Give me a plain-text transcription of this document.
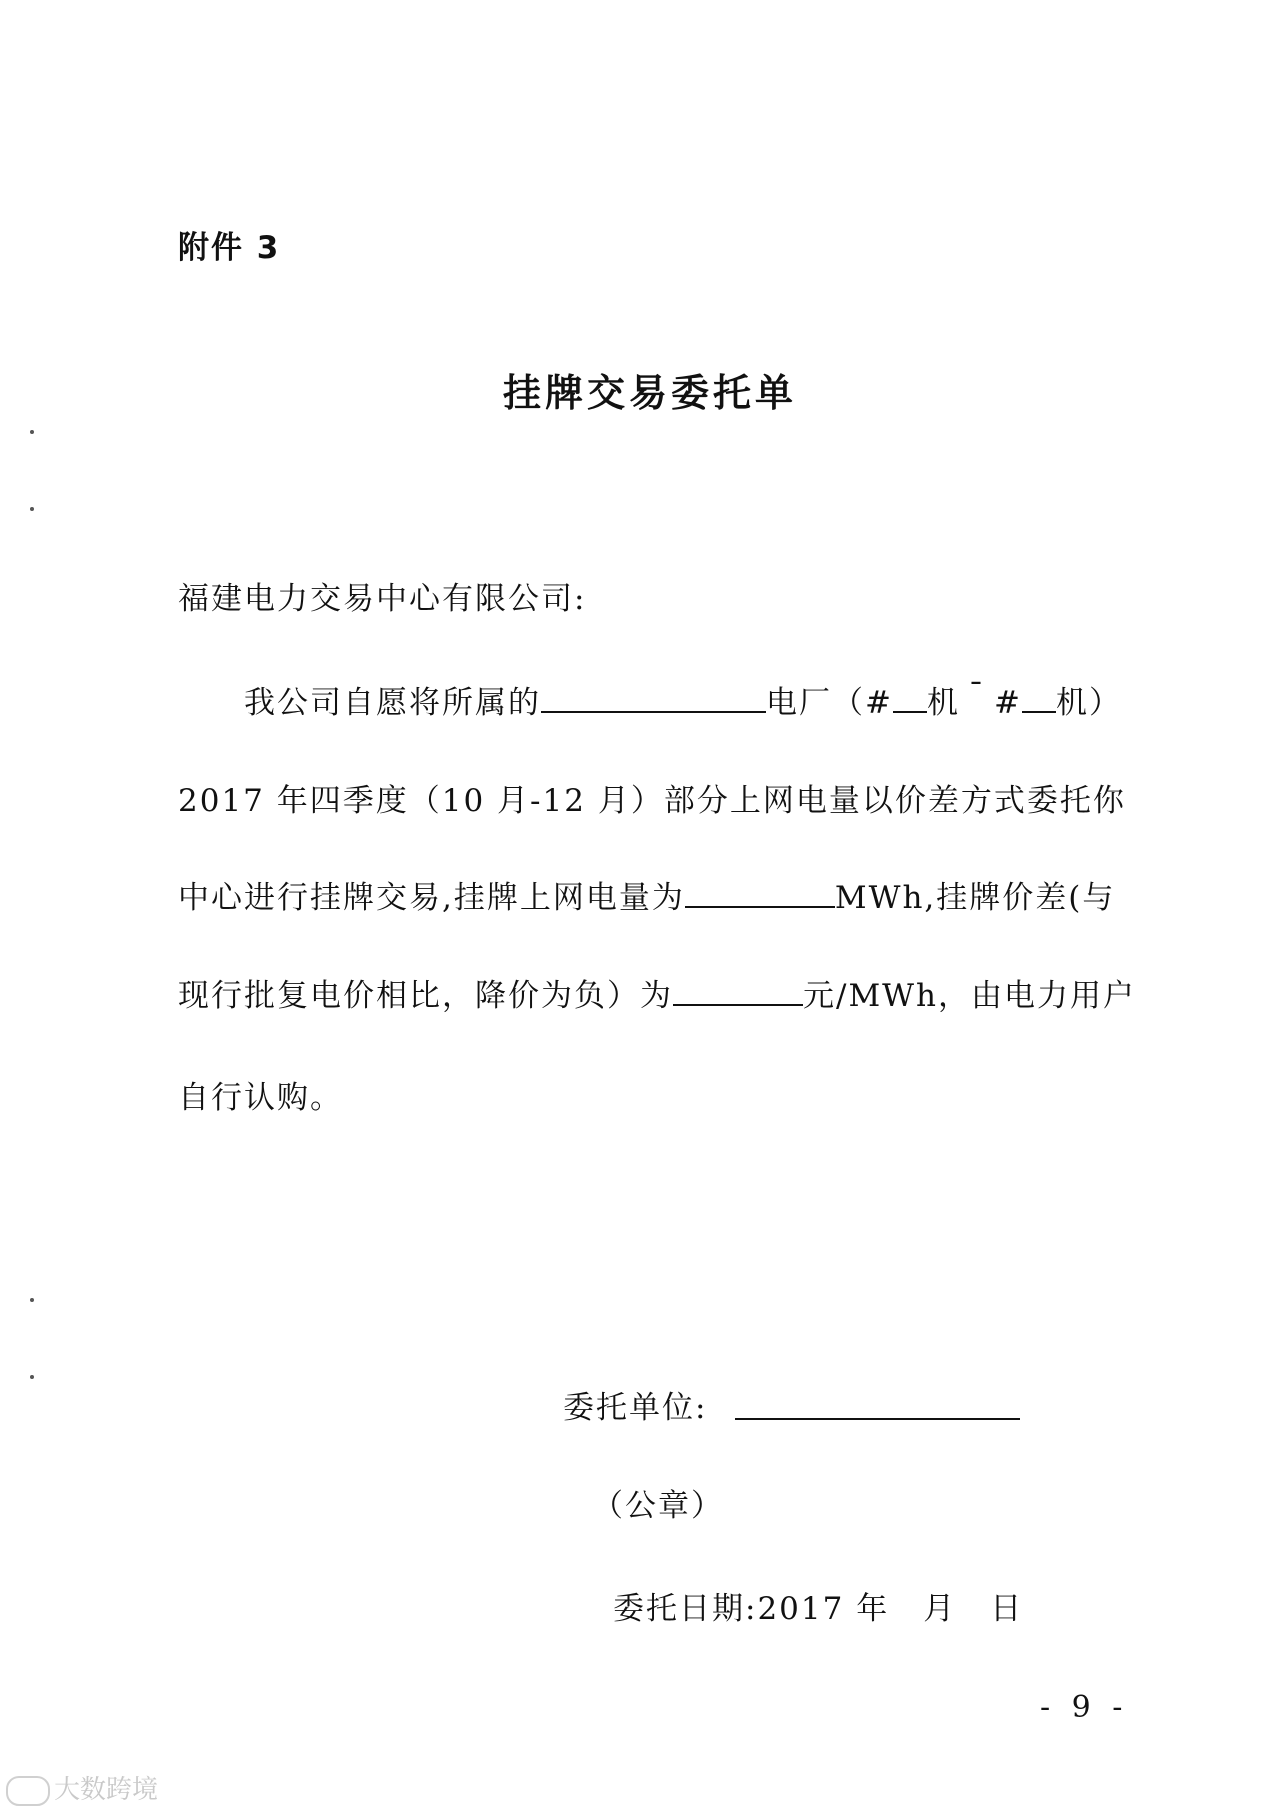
附件 3
挂牌交易委托单
福建电力交易中心有限公司:
我公司自愿将所属的	电厂（# 机 ¯ # 机）
2017 年四季度（10 月-12 月）部分上网电量以价差方式委托你
中心进行挂牌交易,挂牌上网电量为	MWh,挂牌价差(与
现行批复电价相比，降价为负）为	元/MWh，由电力用户
自行认购。
委托单位:
（公章）
委托日期:2017 年 月 日
- 9 -
大数跨境
